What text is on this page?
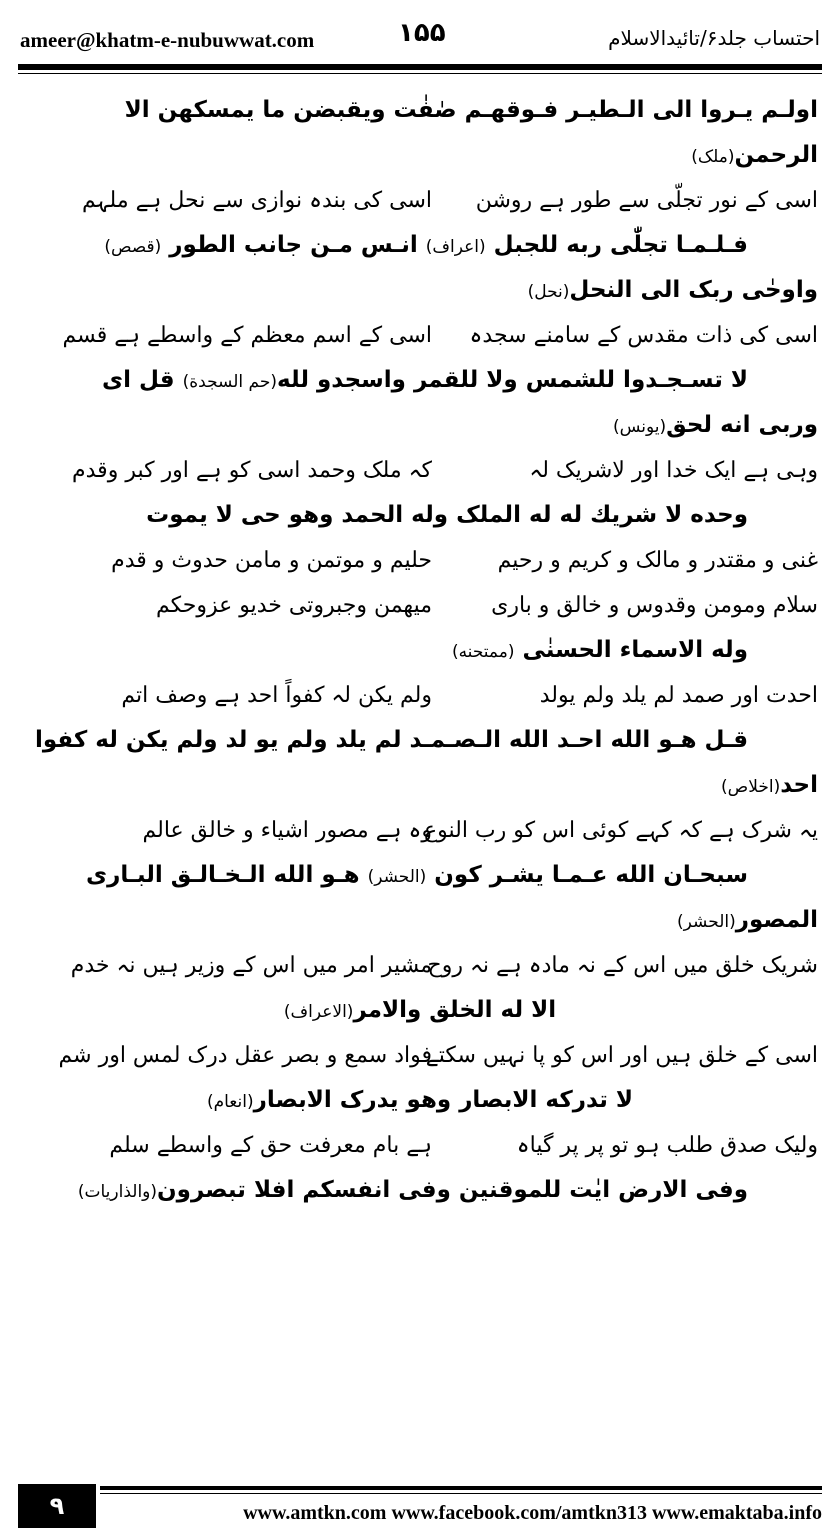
ameer@khatm-e-nubuwwat.com	۱۵۵	احتساب جلد۶/تائیدالاسلام
اولـم يـروا الى الـطيـر فـوقهـم صٰفٰت ويقبضن ما يمسكهن الا
الرحمن(ملک)
اسی کے نور تجلّی سے طور ہے روشن
اسی کی بندہ نوازی سے نحل ہے ملہم
فـلـمـا تجلّٰی ربه للجبل (اعراف) انـس مـن جانب الطور (قصص)
واوحٰی ربک الی النحل(نحل)
اسی کی ذات مقدس کے سامنے سجدہ
اسی کے اسم معظم کے واسطے ہے قسم
لا تسـجـدوا للشمس ولا للقمر واسجدو لله(حم السجدة) قل ای
وربی انه لحق(یونس)
وہی ہے ایک خدا اور لاشریک لہ
کہ ملک وحمد اسی کو ہے اور کبر وقدم
وحده لا شريك له له الملک وله الحمد وهو حی لا یموت
غنی و مقتدر و مالک و کریم و رحیم
حلیم و موتمن و مامن حدوث و قدم
سلام ومومن وقدوس و خالق و باری
میهمن وجبروتی خدیو عزوحکم
وله الاسماء الحسنٰی (ممتحنه)
احدت اور صمد لم یلد ولم یولد
ولم یکن لہ کفواً احد ہے وصف اتم
قـل هـو الله احـد الله الـصـمـد لم يلد ولم يو لد ولم يكن له كفوا
احد(اخلاص)
یہ شرک ہے کہ کہے کوئی اس کو رب النوع
وہ ہے مصور اشیاء و خالق عالم
سبحـان الله عـمـا يشـر كون (الحشر) هـو الله الـخـالـق البـاری
المصور(الحشر)
شریک خلق میں اس کے نہ مادہ ہے نہ روح
مشیر امر میں اس کے وزیر ہیں نہ خدم
الا له الخلق والامر(الاعراف)
اسی کے خلق ہیں اور اس کو پا نہیں سکتے
فواد سمع و بصر عقل درک لمس اور شم
لا تدركه الابصار وهو يدرک الابصار(انعام)
ولیک صدق طلب ہو تو پر پر گیاہ
ہے بام معرفت حق کے واسطے سلم
وفی الارض ايٰت للموقنين وفی انفسكم افلا تبصرون(والذاريات)
۹	www.amtkn.com www.facebook.com/amtkn313 www.emaktaba.info
